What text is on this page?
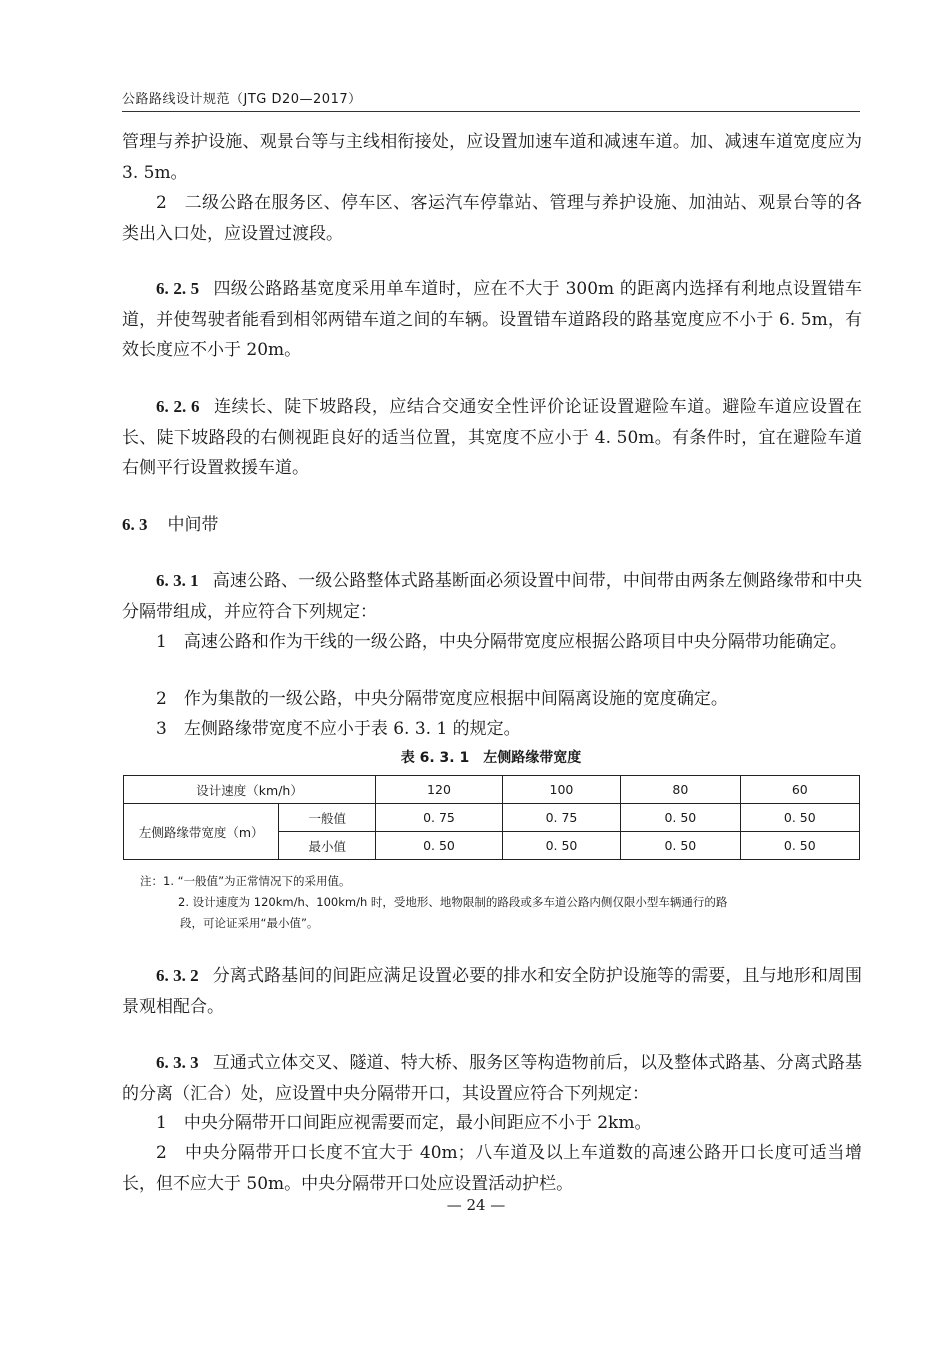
公路路线设计规范（JTG D20—2017）

管理与养护设施、观景台等与主线相衔接处，应设置加速车道和减速车道。加、减速车道宽度应为 3. 5m。

2　二级公路在服务区、停车区、客运汽车停靠站、管理与养护设施、加油站、观景台等的各类出入口处，应设置过渡段。

6. 2. 5 四级公路路基宽度采用单车道时，应在不大于 300m 的距离内选择有利地点设置错车道，并使驾驶者能看到相邻两错车道之间的车辆。设置错车道路段的路基宽度应不小于 6. 5m，有效长度应不小于 20m。

6. 2. 6 连续长、陡下坡路段，应结合交通安全性评价论证设置避险车道。避险车道应设置在长、陡下坡路段的右侧视距良好的适当位置，其宽度不应小于 4. 50m。有条件时，宜在避险车道右侧平行设置救援车道。

6. 3 中间带

6. 3. 1 高速公路、一级公路整体式路基断面必须设置中间带，中间带由两条左侧路缘带和中央分隔带组成，并应符合下列规定：

1　高速公路和作为干线的一级公路，中央分隔带宽度应根据公路项目中央分隔带功能确定。

2　作为集散的一级公路，中央分隔带宽度应根据中间隔离设施的宽度确定。

3　左侧路缘带宽度不应小于表 6. 3. 1 的规定。

表 6. 3. 1　左侧路缘带宽度
设计速度（km/h）		120	100	80	60
左侧路缘带宽度（m）	一般值	0. 75	0. 75	0. 50	0. 50
	最小值	0. 50	0. 50	0. 50	0. 50

注：1. “一般值”为正常情况下的采用值。

2. 设计速度为 120km/h、100km/h 时，受地形、地物限制的路段或多车道公路内侧仅限小型车辆通行的路

段，可论证采用“最小值”。

6. 3. 2 分离式路基间的间距应满足设置必要的排水和安全防护设施等的需要，且与地形和周围景观相配合。

6. 3. 3 互通式立体交叉、隧道、特大桥、服务区等构造物前后，以及整体式路基、分离式路基的分离（汇合）处，应设置中央分隔带开口，其设置应符合下列规定：

1　中央分隔带开口间距应视需要而定，最小间距应不小于 2km。

2　中央分隔带开口长度不宜大于 40m；八车道及以上车道数的高速公路开口长度可适当增长，但不应大于 50m。中央分隔带开口处应设置活动护栏。

— 24 —
